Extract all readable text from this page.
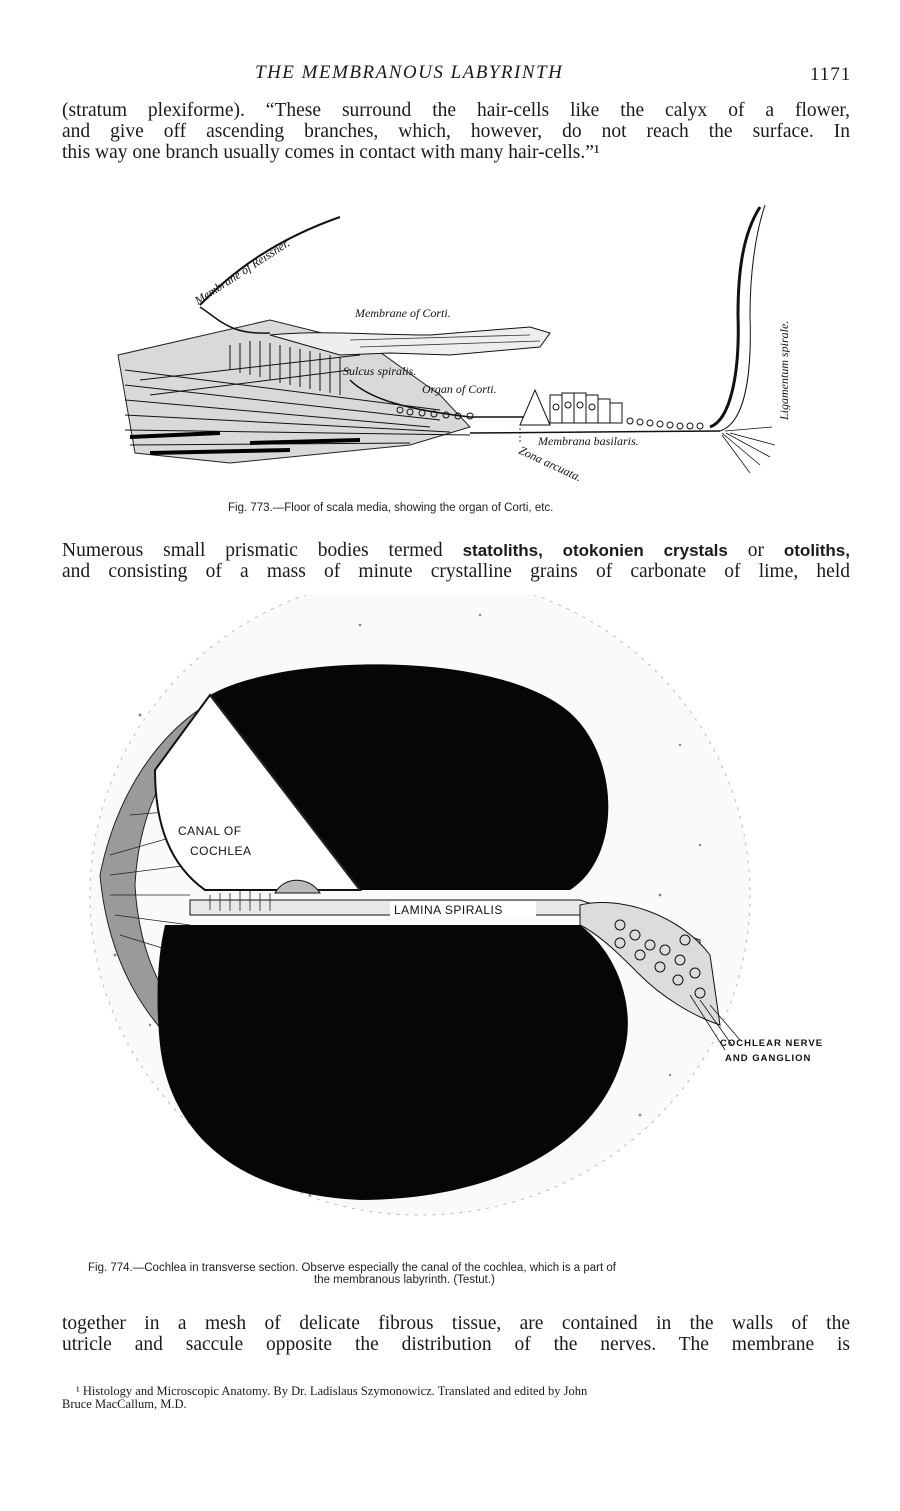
THE MEMBRANOUS LABYRINTH	1171
(stratum plexiforme). “These surround the hair-cells like the calyx of a flower,
and give off ascending branches, which, however, do not reach the surface. In
this way one branch usually comes in contact with many hair-cells.”¹
Membrane of Reissner.
Membrane of Corti.
Sulcus spiralis.
Organ of Corti.
Membrana basilaris.
Zona arcuata.
Ligamentum spirale.
Fig. 773.—Floor of scala media, showing the organ of Corti, etc.
Numerous small prismatic bodies termed statoliths, otokonien crystals or otoliths,
and consisting of a mass of minute crystalline grains of carbonate of lime, held
CANAL OF
COCHLEA
LAMINA SPIRALIS
COCHLEAR NERVE
AND GANGLION
Fig. 774.—Cochlea in transverse section. Observe especially the canal of the cochlea, which is a part of
the membranous labyrinth. (Testut.)
together in a mesh of delicate fibrous tissue, are contained in the walls of the
utricle and saccule opposite the distribution of the nerves. The membrane is
¹ Histology and Microscopic Anatomy. By Dr. Ladislaus Szymonowicz. Translated and edited by John
Bruce MacCallum, M.D.
